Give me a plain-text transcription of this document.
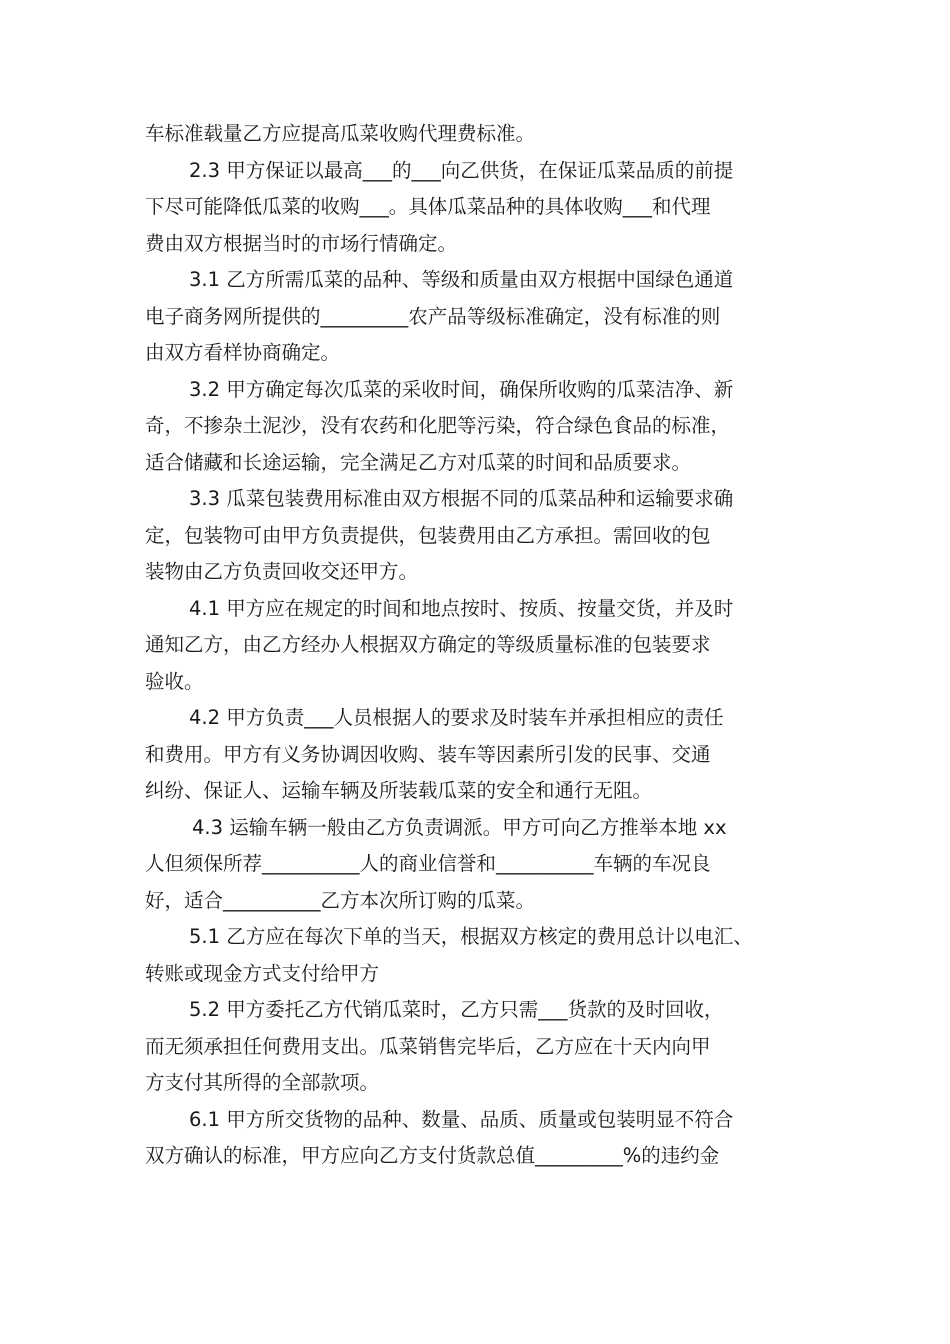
车标准载量乙方应提高瓜菜收购代理费标准。
2.3 甲方保证以最高___的___向乙供货，在保证瓜菜品质的前提
下尽可能降低瓜菜的收购___。具体瓜菜品种的具体收购___和代理
费由双方根据当时的市场行情确定。
3.1 乙方所需瓜菜的品种、等级和质量由双方根据中国绿色通道
电子商务网所提供的_________农产品等级标准确定，没有标准的则
由双方看样协商确定。
3.2 甲方确定每次瓜菜的采收时间，确保所收购的瓜菜洁净、新
奇，不掺杂土泥沙，没有农药和化肥等污染，符合绿色食品的标准，
适合储藏和长途运输，完全满足乙方对瓜菜的时间和品质要求。
3.3 瓜菜包装费用标准由双方根据不同的瓜菜品种和运输要求确
定，包装物可由甲方负责提供，包装费用由乙方承担。需回收的包
装物由乙方负责回收交还甲方。
4.1 甲方应在规定的时间和地点按时、按质、按量交货，并及时
通知乙方，由乙方经办人根据双方确定的等级质量标准的包装要求
验收。
4.2 甲方负责___人员根据人的要求及时装车并承担相应的责任
和费用。甲方有义务协调因收购、装车等因素所引发的民事、交通
纠纷、保证人、运输车辆及所装载瓜菜的安全和通行无阻。
4.3 运输车辆一般由乙方负责调派。甲方可向乙方推举本地 xx
人但须保所荐__________人的商业信誉和__________车辆的车况良
好，适合__________乙方本次所订购的瓜菜。
5.1 乙方应在每次下单的当天，根据双方核定的费用总计以电汇、
转账或现金方式支付给甲方
5.2 甲方委托乙方代销瓜菜时，乙方只需___货款的及时回收，
而无须承担任何费用支出。瓜菜销售完毕后，乙方应在十天内向甲
方支付其所得的全部款项。
6.1 甲方所交货物的品种、数量、品质、质量或包装明显不符合
双方确认的标准，甲方应向乙方支付货款总值_________%的违约金
